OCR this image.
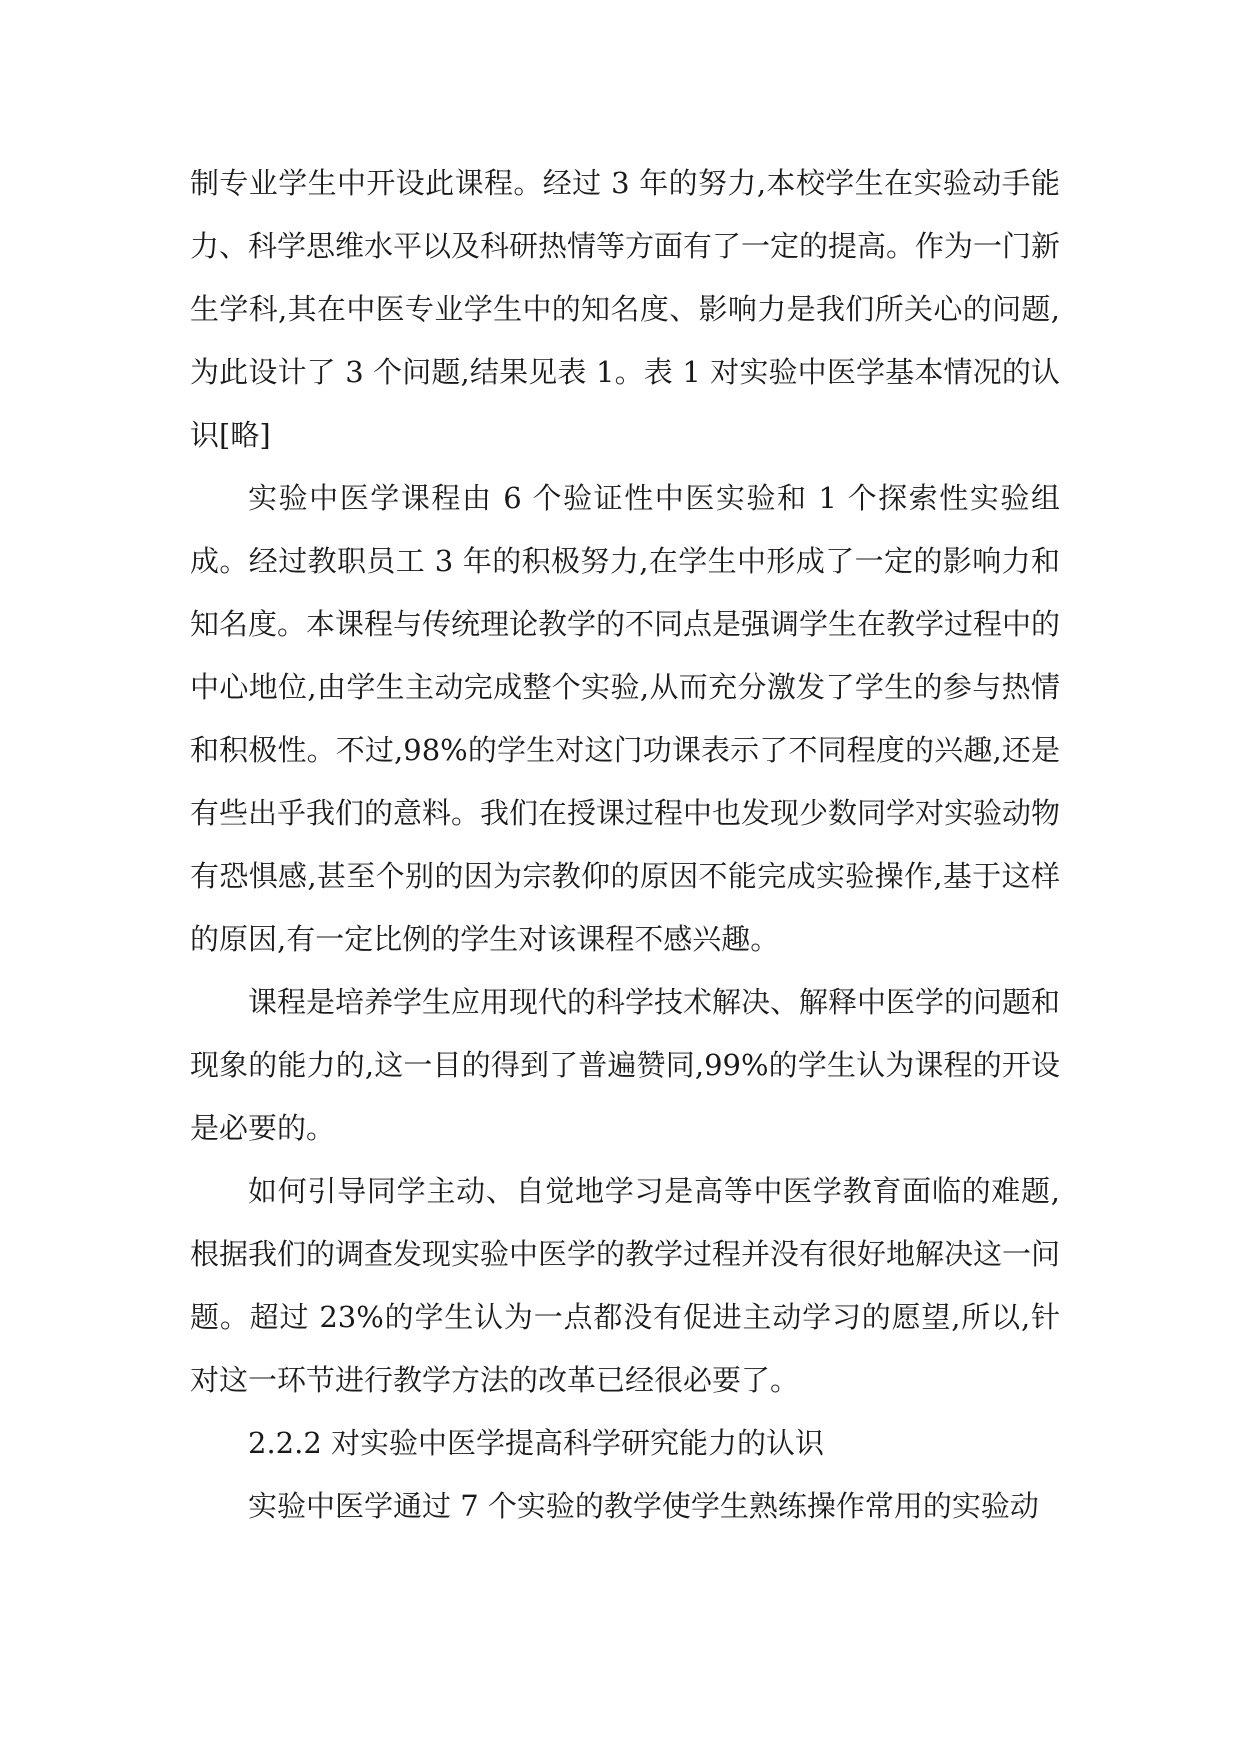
制专业学生中开设此课程。经过 3 年的努力,本校学生在实验动手能力、科学思维水平以及科研热情等方面有了一定的提高。作为一门新生学科,其在中医专业学生中的知名度、影响力是我们所关心的问题,为此设计了 3 个问题,结果见表 1。表 1 对实验中医学基本情况的认识[略]

实验中医学课程由 6 个验证性中医实验和 1 个探索性实验组成。经过教职员工 3 年的积极努力,在学生中形成了一定的影响力和知名度。本课程与传统理论教学的不同点是强调学生在教学过程中的中心地位,由学生主动完成整个实验,从而充分激发了学生的参与热情和积极性。不过,98%的学生对这门功课表示了不同程度的兴趣,还是有些出乎我们的意料。我们在授课过程中也发现少数同学对实验动物有恐惧感,甚至个别的因为宗教仰的原因不能完成实验操作,基于这样的原因,有一定比例的学生对该课程不感兴趣。

课程是培养学生应用现代的科学技术解决、解释中医学的问题和现象的能力的,这一目的得到了普遍赞同,99%的学生认为课程的开设是必要的。

如何引导同学主动、自觉地学习是高等中医学教育面临的难题,根据我们的调查发现实验中医学的教学过程并没有很好地解决这一问题。超过 23%的学生认为一点都没有促进主动学习的愿望,所以,针对这一环节进行教学方法的改革已经很必要了。

2.2.2 对实验中医学提高科学研究能力的认识

实验中医学通过 7 个实验的教学使学生熟练操作常用的实验动
